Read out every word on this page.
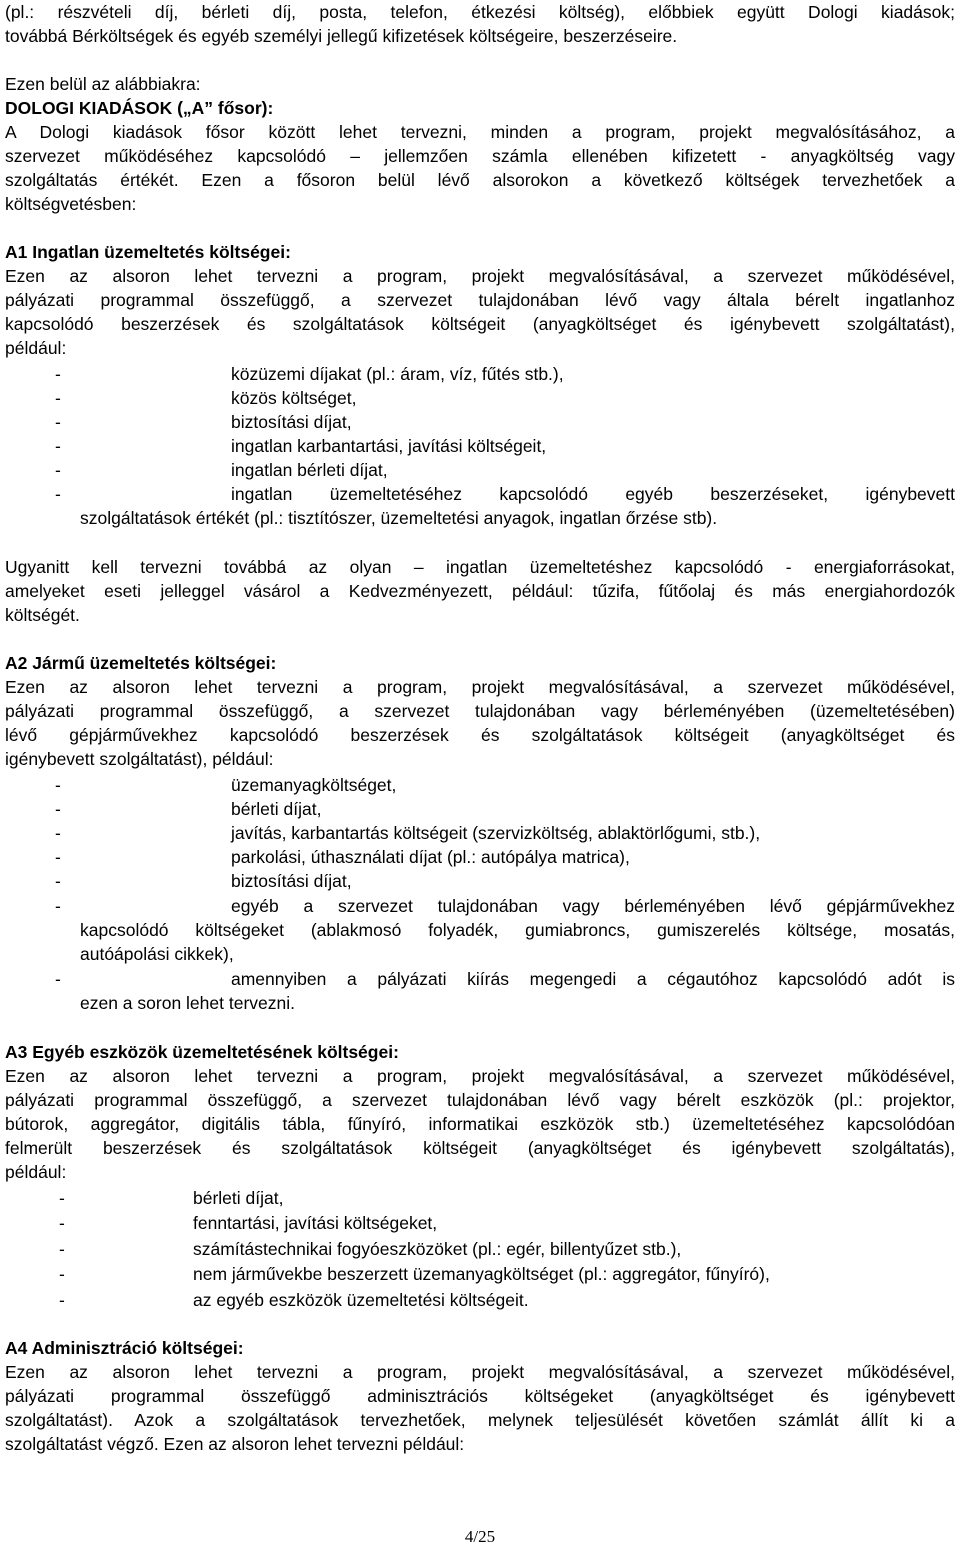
(pl.: részvételi díj, bérleti díj, posta, telefon, étkezési költség), előbbiek együtt Dologi kiadások;
továbbá Bérköltségek és egyéb személyi jellegű kifizetések költségeire, beszerzéseire.
Ezen belül az alábbiakra:
DOLOGI KIADÁSOK („A” fősor):
A Dologi kiadások fősor között lehet tervezni, minden a program, projekt megvalósításához, a
szervezet működéséhez kapcsolódó – jellemzően számla ellenében kifizetett - anyagköltség vagy
szolgáltatás értékét. Ezen a fősoron belül lévő alsorokon a következő költségek tervezhetőek a
költségvetésben:
A1 Ingatlan üzemeltetés költségei:
Ezen az alsoron lehet tervezni a program, projekt megvalósításával, a szervezet működésével,
pályázati programmal összefüggő, a szervezet tulajdonában lévő vagy általa bérelt ingatlanhoz
kapcsolódó beszerzések és szolgáltatások költségeit (anyagköltséget és igénybevett szolgáltatást),
például:
-	közüzemi díjakat (pl.: áram, víz, fűtés stb.),
-	közös költséget,
-	biztosítási díjat,
-	ingatlan karbantartási, javítási költségeit,
-	ingatlan bérleti díjat,
-	ingatlan üzemeltetéséhez kapcsolódó egyéb beszerzéseket, igénybevett
szolgáltatások értékét (pl.: tisztítószer, üzemeltetési anyagok, ingatlan őrzése stb).
Ugyanitt kell tervezni továbbá az olyan – ingatlan üzemeltetéshez kapcsolódó - energiaforrásokat,
amelyeket eseti jelleggel vásárol a Kedvezményezett, például: tűzifa, fűtőolaj és más energiahordozók
költségét.
A2 Jármű üzemeltetés költségei:
Ezen az alsoron lehet tervezni a program, projekt megvalósításával, a szervezet működésével,
pályázati programmal összefüggő, a szervezet tulajdonában vagy bérleményében (üzemeltetésében)
lévő gépjárművekhez kapcsolódó beszerzések és szolgáltatások költségeit (anyagköltséget és
igénybevett szolgáltatást), például:
-	üzemanyagköltséget,
-	bérleti díjat,
-	javítás, karbantartás költségeit (szervizköltség, ablaktörlőgumi, stb.),
-	parkolási, úthasználati díjat (pl.: autópálya matrica),
-	biztosítási díjat,
-	egyéb a szervezet tulajdonában vagy bérleményében lévő gépjárművekhez
kapcsolódó költségeket (ablakmosó folyadék, gumiabroncs, gumiszerelés költsége, mosatás,
autóápolási cikkek),
-	amennyiben a pályázati kiírás megengedi a cégautóhoz kapcsolódó adót is
ezen a soron lehet tervezni.
A3 Egyéb eszközök üzemeltetésének költségei:
Ezen az alsoron lehet tervezni a program, projekt megvalósításával, a szervezet működésével,
pályázati programmal összefüggő, a szervezet tulajdonában lévő vagy bérelt eszközök (pl.: projektor,
bútorok, aggregátor, digitális tábla, fűnyíró, informatikai eszközök stb.) üzemeltetéséhez kapcsolódóan
felmerült beszerzések és szolgáltatások költségeit (anyagköltséget és igénybevett szolgáltatás),
például:
-	bérleti díjat,
-	fenntartási, javítási költségeket,
-	számítástechnikai fogyóeszközöket (pl.: egér, billentyűzet stb.),
-	nem járművekbe beszerzett üzemanyagköltséget (pl.: aggregátor, fűnyíró),
-	az egyéb eszközök üzemeltetési költségeit.
A4 Adminisztráció költségei:
Ezen az alsoron lehet tervezni a program, projekt megvalósításával, a szervezet működésével,
pályázati programmal összefüggő adminisztrációs költségeket (anyagköltséget és igénybevett
szolgáltatást). Azok a szolgáltatások tervezhetőek, melynek teljesülését követően számlát állít ki a
szolgáltatást végző. Ezen az alsoron lehet tervezni például:
4/25
